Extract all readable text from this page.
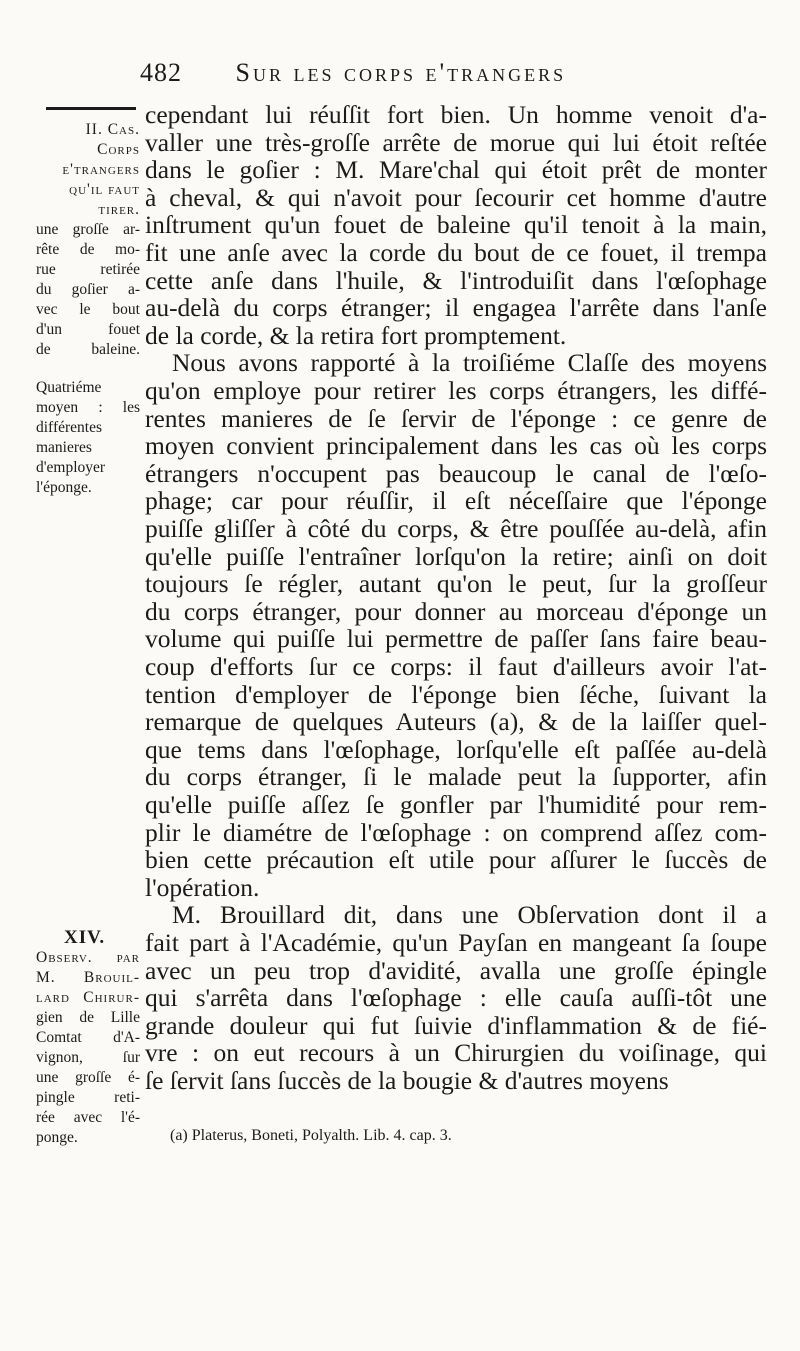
482 Sur les corps e'trangers
cependant lui réuſſit fort bien. Un homme venoit d'a-
valler une très-groſſe arrête de morue qui lui étoit reſtée
dans le goſier : M. Mare'chal qui étoit prêt de monter
à cheval, & qui n'avoit pour ſecourir cet homme d'autre
inſtrument qu'un fouet de baleine qu'il tenoit à la main,
fit une anſe avec la corde du bout de ce fouet, il trempa
cette anſe dans l'huile, & l'introduiſit dans l'œſophage
au-delà du corps étranger; il engagea l'arrête dans l'anſe
de la corde, & la retira fort promptement.
Nous avons rapporté à la troiſiéme Claſſe des moyens
qu'on employe pour retirer les corps étrangers, les diffé-
rentes manieres de ſe ſervir de l'éponge : ce genre de
moyen convient principalement dans les cas où les corps
étrangers n'occupent pas beaucoup le canal de l'œſo-
phage; car pour réuſſir, il eſt néceſſaire que l'éponge
puiſſe gliſſer à côté du corps, & être pouſſée au-delà, afin
qu'elle puiſſe l'entraîner lorſqu'on la retire; ainſi on doit
toujours ſe régler, autant qu'on le peut, ſur la groſſeur
du corps étranger, pour donner au morceau d'éponge un
volume qui puiſſe lui permettre de paſſer ſans faire beau-
coup d'efforts ſur ce corps: il faut d'ailleurs avoir l'at-
tention d'employer de l'éponge bien ſéche, ſuivant la
remarque de quelques Auteurs (a), & de la laiſſer quel-
que tems dans l'œſophage, lorſqu'elle eſt paſſée au-delà
du corps étranger, ſi le malade peut la ſupporter, afin
qu'elle puiſſe aſſez ſe gonfler par l'humidité pour rem-
plir le diamétre de l'œſophage : on comprend aſſez com-
bien cette précaution eſt utile pour aſſurer le ſuccès de
l'opération.
M. Brouillard dit, dans une Obſervation dont il a
fait part à l'Académie, qu'un Payſan en mangeant ſa ſoupe
avec un peu trop d'avidité, avalla une groſſe épingle
qui s'arrêta dans l'œſophage : elle cauſa auſſi-tôt une
grande douleur qui fut ſuivie d'inflammation & de fié-
vre : on eut recours à un Chirurgien du voiſinage, qui
ſe ſervit ſans ſuccès de la bougie & d'autres moyens
II. Cas.
Corps
e'trangers
qu'il faut
tirer.
une groſſe ar-
rête de mo-
rue retirée
du goſier a-
vec le bout
d'un fouet
de baleine.
Quatriéme
moyen : les
différentes
manieres
d'employer
l'éponge.
XIV.
Observ. par
M. Brouil-
lard Chirur-
gien de Lille
Comtat d'A-
vignon, ſur
une groſſe é-
pingle reti-
rée avec l'é-
ponge.	(a) Platerus, Boneti, Polyalth. Lib. 4. cap. 3.
